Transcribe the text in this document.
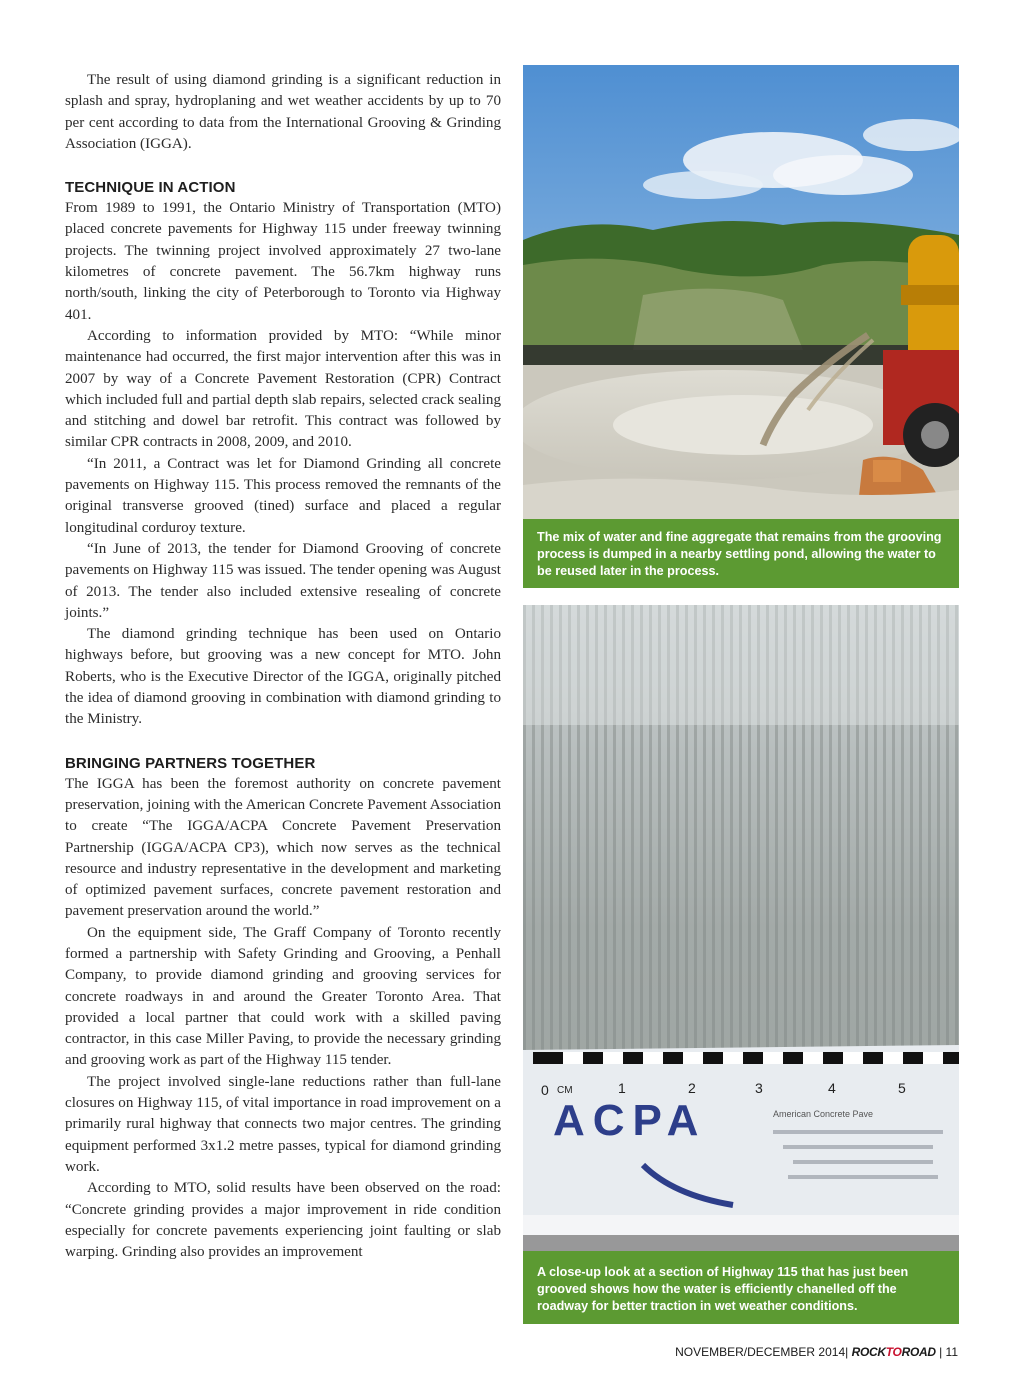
The result of using diamond grinding is a significant reduction in splash and spray, hydroplaning and wet weather accidents by up to 70 per cent according to data from the International Grooving & Grinding Association (IGGA).

TECHNIQUE IN ACTION

From 1989 to 1991, the Ontario Ministry of Transportation (MTO) placed concrete pavements for Highway 115 under freeway twinning projects. The twinning project involved approximately 27 two-lane kilometres of concrete pavement. The 56.7km highway runs north/south, linking the city of Peterborough to Toronto via Highway 401.

According to information provided by MTO: “While minor maintenance had occurred, the first major intervention after this was in 2007 by way of a Concrete Pavement Restoration (CPR) Contract which included full and partial depth slab repairs, selected crack sealing and stitching and dowel bar retrofit. This contract was followed by similar CPR contracts in 2008, 2009, and 2010.

“In 2011, a Contract was let for Diamond Grinding all concrete pavements on Highway 115. This process removed the remnants of the original transverse grooved (tined) surface and placed a regular longitudinal corduroy texture.

“In June of 2013, the tender for Diamond Grooving of concrete pavements on Highway 115 was issued. The tender opening was August of 2013. The tender also included extensive resealing of concrete joints.”

The diamond grinding technique has been used on Ontario highways before, but grooving was a new concept for MTO. John Roberts, who is the Executive Director of the IGGA, originally pitched the idea of diamond grooving in combination with diamond grinding to the Ministry.

BRINGING PARTNERS TOGETHER

The IGGA has been the foremost authority on concrete pavement preservation, joining with the American Concrete Pavement Association to create “The IGGA/ACPA Concrete Pavement Preservation Partnership (IGGA/ACPA CP3), which now serves as the technical resource and industry representative in the development and marketing of optimized pavement surfaces, concrete pavement restoration and pavement preservation around the world.”

On the equipment side, The Graff Company of Toronto recently formed a partnership with Safety Grinding and Grooving, a Penhall Company, to provide diamond grinding and grooving services for concrete roadways in and around the Greater Toronto Area. That provided a local partner that could work with a skilled paving contractor, in this case Miller Paving, to provide the necessary grinding and grooving work as part of the Highway 115 tender.

The project involved single-lane reductions rather than full-lane closures on Highway 115, of vital importance in road improvement on a primarily rural highway that connects two major centres. The grinding equipment performed 3x1.2 metre passes, typical for diamond grinding work.

According to MTO, solid results have been observed on the road: “Concrete grinding provides a major improvement in ride condition especially for concrete pavements experiencing joint faulting or slab warping. Grinding also provides an improvement

The mix of water and fine aggregate that remains from the grooving process is dumped in a nearby settling pond, allowing the water to be reused later in the process.
0 CM	1	2	3	4	5
ACPA	American Concrete Pave
A close-up look at a section of Highway 115 that has just been grooved shows how the water is efficiently chanelled off the roadway for better traction in wet weather conditions.
NOVEMBER/DECEMBER 2014| ROCKTOROAD | 11
